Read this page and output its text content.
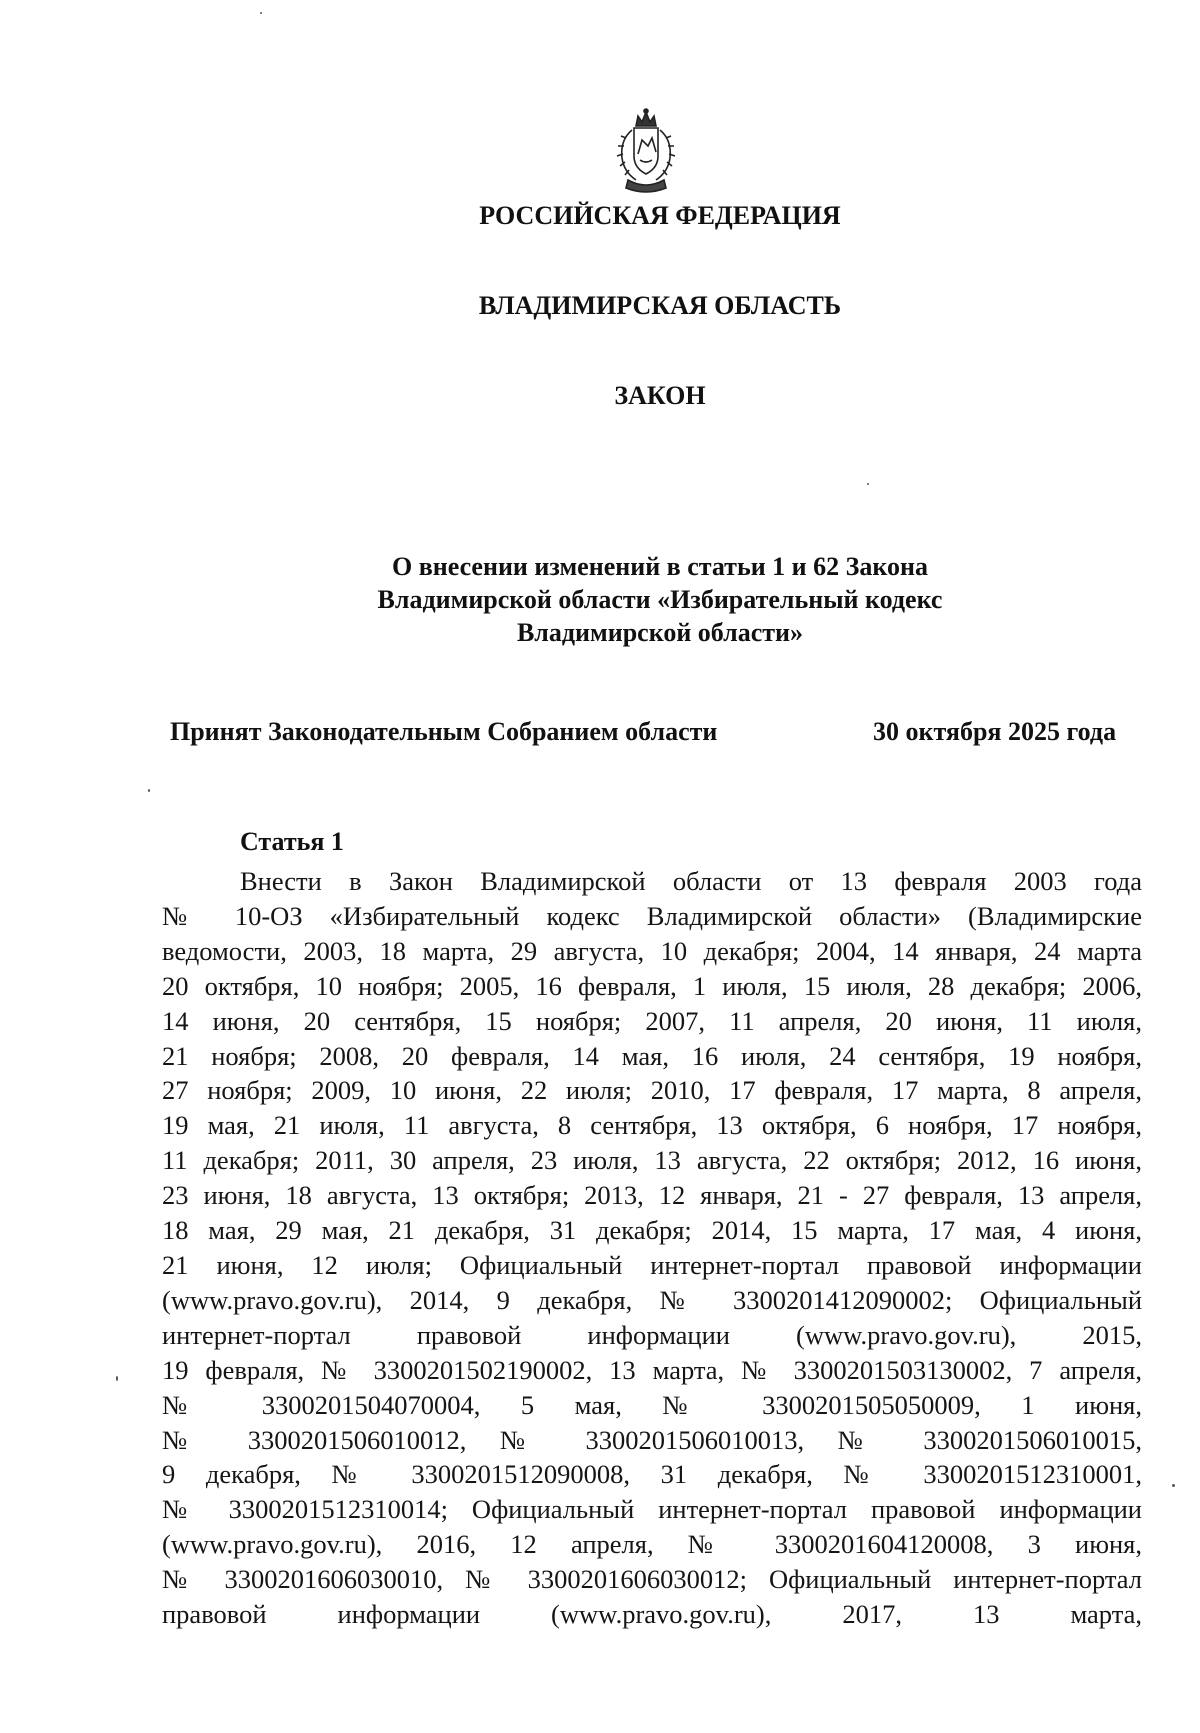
РОССИЙСКАЯ ФЕДЕРАЦИЯ
ВЛАДИМИРСКАЯ ОБЛАСТЬ
ЗАКОН
О внесении изменений в статьи 1 и 62 Закона
Владимирской области «Избирательный кодекс
Владимирской области»
Принят Законодательным Собранием области	30 октября 2025 года
Статья 1
Внести в Закон Владимирской области от 13 февраля 2003 года
№ 10-ОЗ «Избирательный кодекс Владимирской области» (Владимирские
ведомости, 2003, 18 марта, 29 августа, 10 декабря; 2004, 14 января, 24 марта
20 октября, 10 ноября; 2005, 16 февраля, 1 июля, 15 июля, 28 декабря; 2006,
14 июня, 20 сентября, 15 ноября; 2007, 11 апреля, 20 июня, 11 июля,
21 ноября; 2008, 20 февраля, 14 мая, 16 июля, 24 сентября, 19 ноября,
27 ноября; 2009, 10 июня, 22 июля; 2010, 17 февраля, 17 марта, 8 апреля,
19 мая, 21 июля, 11 августа, 8 сентября, 13 октября, 6 ноября, 17 ноября,
11 декабря; 2011, 30 апреля, 23 июля, 13 августа, 22 октября; 2012, 16 июня,
23 июня, 18 августа, 13 октября; 2013, 12 января, 21 - 27 февраля, 13 апреля,
18 мая, 29 мая, 21 декабря, 31 декабря; 2014, 15 марта, 17 мая, 4 июня,
21 июня, 12 июля; Официальный интернет-портал правовой информации
(www.pravo.gov.ru), 2014, 9 декабря, № 3300201412090002; Официальный
интернет-портал правовой информации (www.pravo.gov.ru), 2015,
19 февраля, № 3300201502190002, 13 марта, № 3300201503130002, 7 апреля,
№ 3300201504070004, 5 мая, № 3300201505050009, 1 июня,
№ 3300201506010012, № 3300201506010013, № 3300201506010015,
9 декабря, № 3300201512090008, 31 декабря, № 3300201512310001,
№ 3300201512310014; Официальный интернет-портал правовой информации
(www.pravo.gov.ru), 2016, 12 апреля, № 3300201604120008, 3 июня,
№ 3300201606030010, № 3300201606030012; Официальный интернет-портал
правовой информации (www.pravo.gov.ru), 2017, 13 марта,
